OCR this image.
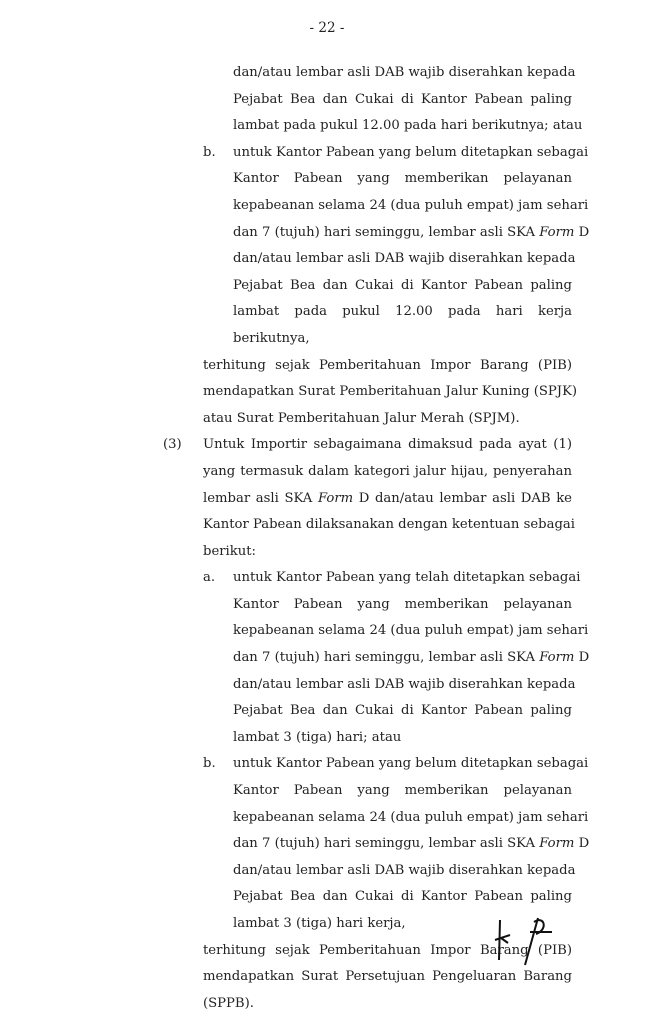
- 22 -
dan/atau lembar asli DAB wajib diserahkan kepada
Pejabat Bea dan Cukai di Kantor Pabean paling
lambat pada pukul 12.00 pada hari berikutnya; atau
b. untuk Kantor Pabean yang belum ditetapkan sebagai
Kantor Pabean yang memberikan pelayanan
kepabeanan selama 24 (dua puluh empat) jam sehari
dan 7 (tujuh) hari seminggu, lembar asli SKA Form D
dan/atau lembar asli DAB wajib diserahkan kepada
Pejabat Bea dan Cukai di Kantor Pabean paling
lambat pada pukul 12.00 pada hari kerja
berikutnya,
terhitung sejak Pemberitahuan Impor Barang (PIB)
mendapatkan Surat Pemberitahuan Jalur Kuning (SPJK)
atau Surat Pemberitahuan Jalur Merah (SPJM).
(3) Untuk Importir sebagaimana dimaksud pada ayat (1)
yang termasuk dalam kategori jalur hijau, penyerahan
lembar asli SKA Form D dan/atau lembar asli DAB ke
Kantor Pabean dilaksanakan dengan ketentuan sebagai
berikut:
a. untuk Kantor Pabean yang telah ditetapkan sebagai
Kantor Pabean yang memberikan pelayanan
kepabeanan selama 24 (dua puluh empat) jam sehari
dan 7 (tujuh) hari seminggu, lembar asli SKA Form D
dan/atau lembar asli DAB wajib diserahkan kepada
Pejabat Bea dan Cukai di Kantor Pabean paling
lambat 3 (tiga) hari; atau
b. untuk Kantor Pabean yang belum ditetapkan sebagai
Kantor Pabean yang memberikan pelayanan
kepabeanan selama 24 (dua puluh empat) jam sehari
dan 7 (tujuh) hari seminggu, lembar asli SKA Form D
dan/atau lembar asli DAB wajib diserahkan kepada
Pejabat Bea dan Cukai di Kantor Pabean paling
lambat 3 (tiga) hari kerja,
terhitung sejak Pemberitahuan Impor Barang (PIB)
mendapatkan Surat Persetujuan Pengeluaran Barang
(SPPB).
